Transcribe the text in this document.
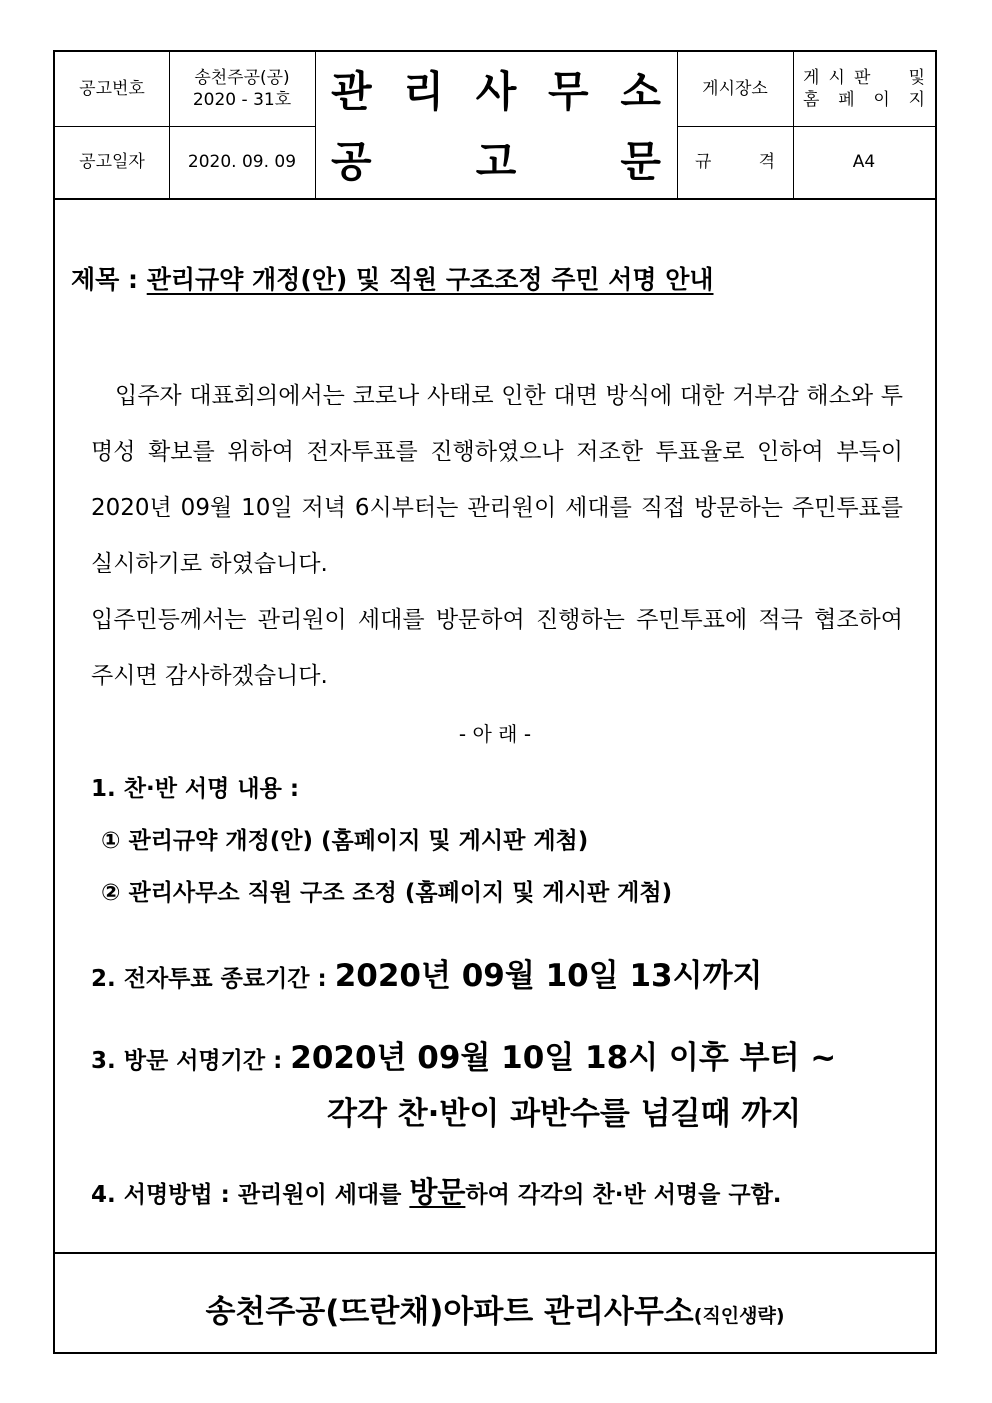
공고번호
송천주공(공)
2020 - 31호
2020. 09. 09
공고일자
관 리 사 무 소
공 고 문
게시장소
게 시 판 및
홈 페 이 지
규	격	A4
제목 : 관리규약 개정(안) 및 직원 구조조정 주민 서명 안내

입주자 대표회의에서는 코로나 사태로 인한 대면 방식에 대한 거부감 해소와 투명성 확보를 위하여 전자투표를 진행하였으나 저조한 투표율로 인하여 부득이 2020년 09월 10일 저녁 6시부터는 관리원이 세대를 직접 방문하는 주민투표를 실시하기로 하였습니다.

입주민등께서는 관리원이 세대를 방문하여 진행하는 주민투표에 적극 협조하여 주시면 감사하겠습니다.

- 아 래 -
1. 찬·반 서명 내용 :
① 관리규약 개정(안) (홈페이지 및 게시판 게첨)
② 관리사무소 직원 구조 조정 (홈페이지 및 게시판 게첨)
2. 전자투표 종료기간 : 2020년 09월 10일 13시까지
3. 방문 서명기간 : 2020년 09월 10일 18시 이후 부터 ~
각각 찬·반이 과반수를 넘길때 까지
4. 서명방법 : 관리원이 세대를 방문하여 각각의 찬·반 서명을 구함.
송천주공(뜨란채)아파트 관리사무소(직인생략)
